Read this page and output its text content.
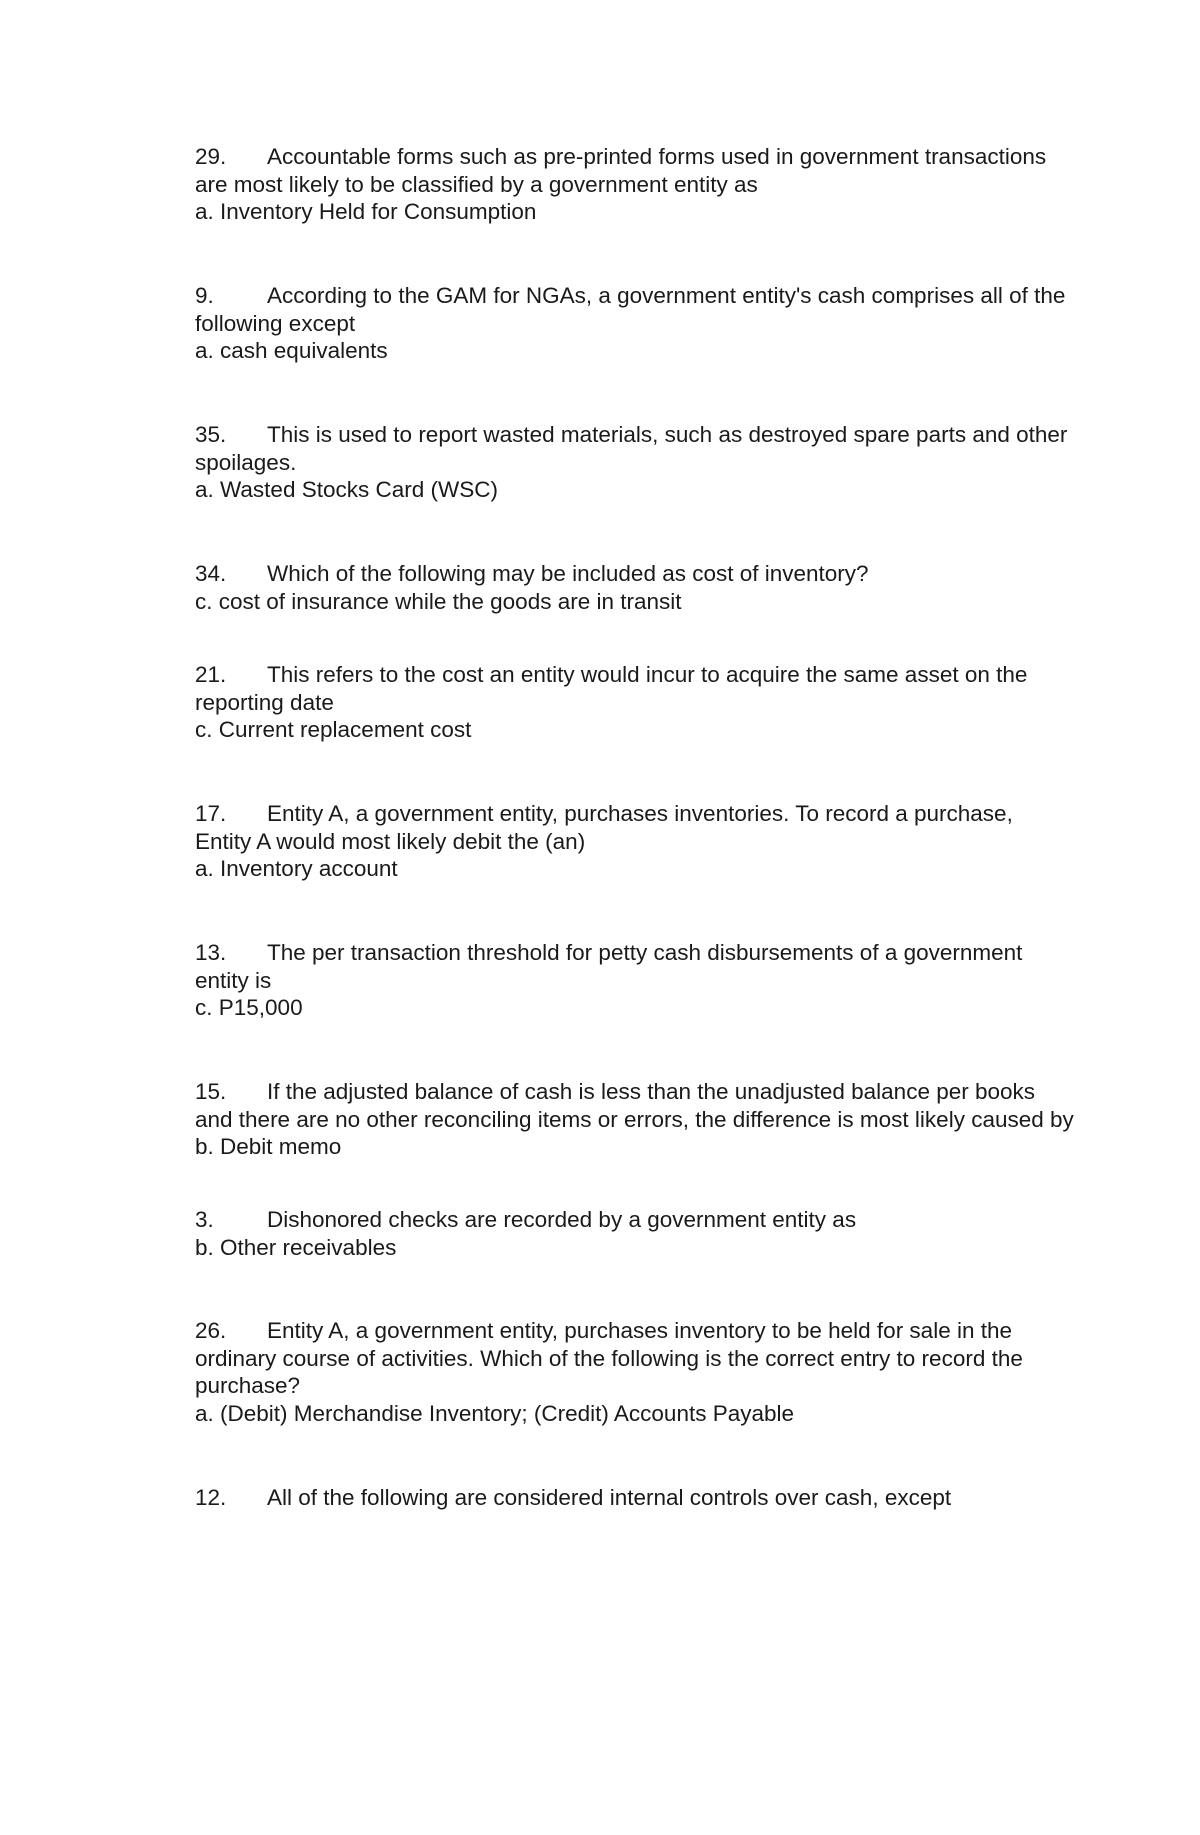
29. Accountable forms such as pre-printed forms used in government transactions are most likely to be classified by a government entity as

a. Inventory Held for Consumption

9. According to the GAM for NGAs, a government entity's cash comprises all of the following except

a. cash equivalents

35. This is used to report wasted materials, such as destroyed spare parts and other spoilages.

a. Wasted Stocks Card (WSC)

34. Which of the following may be included as cost of inventory?

c. cost of insurance while the goods are in transit

21. This refers to the cost an entity would incur to acquire the same asset on the reporting date

c. Current replacement cost

17. Entity A, a government entity, purchases inventories. To record a purchase, Entity A would most likely debit the (an)

a. Inventory account

13. The per transaction threshold for petty cash disbursements of a government entity is

c. P15,000

15. If the adjusted balance of cash is less than the unadjusted balance per books and there are no other reconciling items or errors, the difference is most likely caused by

b. Debit memo

3. Dishonored checks are recorded by a government entity as

b. Other receivables

26. Entity A, a government entity, purchases inventory to be held for sale in the ordinary course of activities. Which of the following is the correct entry to record the purchase?

a. (Debit) Merchandise Inventory; (Credit) Accounts Payable

12. All of the following are considered internal controls over cash, except
